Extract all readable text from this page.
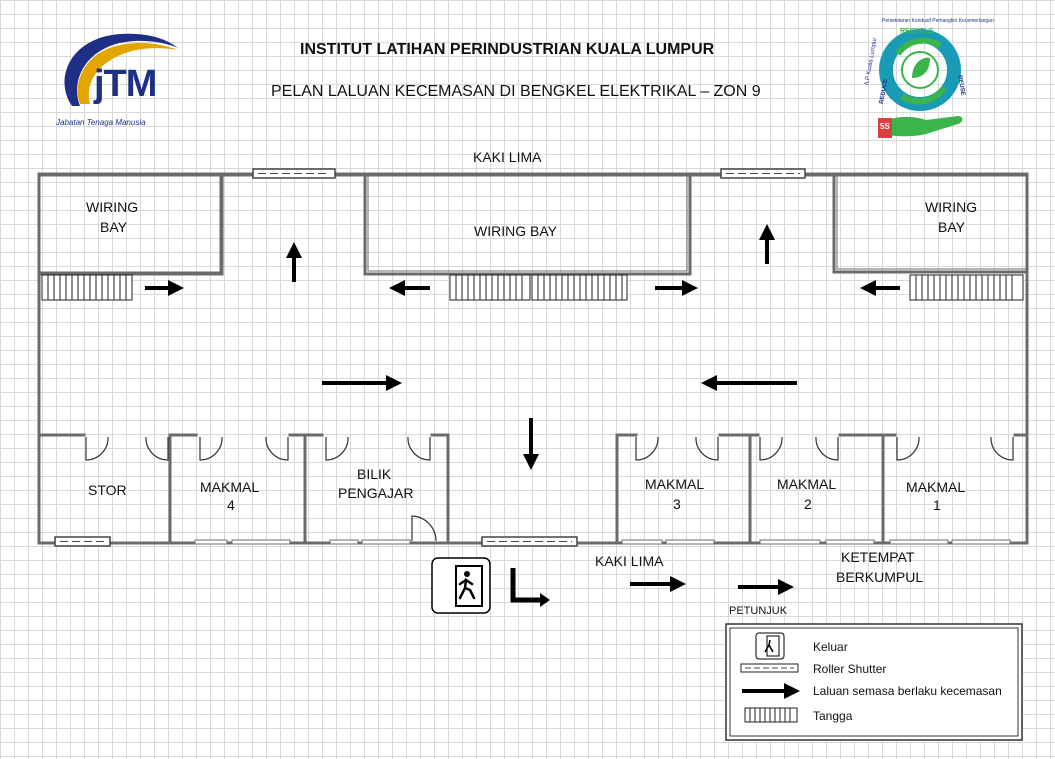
jTM
Jabatan Tenaga Manusia
RECYCLE
REUSE
REDUCE
Persekitaran Kondusif Pemangkin Kecemerlangan
ILP Kuala Lumpur
5S
INSTITUT LATIHAN PERINDUSTRIAN KUALA LUMPUR
PELAN LALUAN KECEMASAN DI BENGKEL ELEKTRIKAL – ZON 9
KAKI LIMA
WIRING
BAY	WIRING BAY
WIRING
BAY
STOR	MAKMAL
4
BILIK
PENGAJAR
MAKMAL
3
MAKMAL
2
MAKMAL
1
KAKI LIMA	KETEMPAT
BERKUMPUL
PETUNJUK
Keluar
Roller Shutter
Laluan semasa berlaku kecemasan
Tangga
